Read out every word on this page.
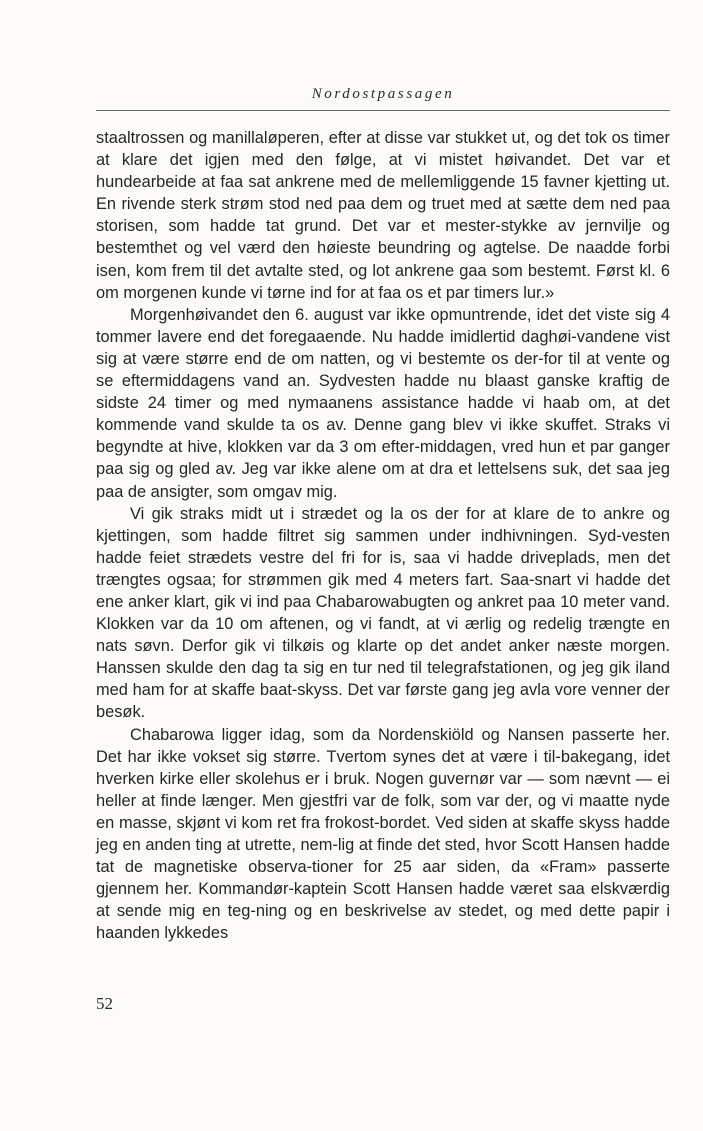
Nordostpassagen

staaltrossen og manillaløperen, efter at disse var stukket ut, og det tok os timer at klare det igjen med den følge, at vi mistet høivandet. Det var et hundearbeide at faa sat ankrene med de mellemliggende 15 favner kjetting ut. En rivende sterk strøm stod ned paa dem og truet med at sætte dem ned paa storisen, som hadde tat grund. Det var et mester-stykke av jernvilje og bestemthet og vel værd den høieste beundring og agtelse. De naadde forbi isen, kom frem til det avtalte sted, og lot ankrene gaa som bestemt. Først kl. 6 om morgenen kunde vi tørne ind for at faa os et par timers lur.»

Morgenhøivandet den 6. august var ikke opmuntrende, idet det viste sig 4 tommer lavere end det foregaaende. Nu hadde imidlertid daghøi-vandene vist sig at være større end de om natten, og vi bestemte os der-for til at vente og se eftermiddagens vand an. Sydvesten hadde nu blaast ganske kraftig de sidste 24 timer og med nymaanens assistance hadde vi haab om, at det kommende vand skulde ta os av. Denne gang blev vi ikke skuffet. Straks vi begyndte at hive, klokken var da 3 om efter-middagen, vred hun et par ganger paa sig og gled av. Jeg var ikke alene om at dra et lettelsens suk, det saa jeg paa de ansigter, som omgav mig.

Vi gik straks midt ut i strædet og la os der for at klare de to ankre og kjettingen, som hadde filtret sig sammen under indhivningen. Syd-vesten hadde feiet strædets vestre del fri for is, saa vi hadde driveplads, men det trængtes ogsaa; for strømmen gik med 4 meters fart. Saa-snart vi hadde det ene anker klart, gik vi ind paa Chabarowabugten og ankret paa 10 meter vand. Klokken var da 10 om aftenen, og vi fandt, at vi ærlig og redelig trængte en nats søvn. Derfor gik vi tilkøis og klarte op det andet anker næste morgen. Hanssen skulde den dag ta sig en tur ned til telegrafstationen, og jeg gik iland med ham for at skaffe baat-skyss. Det var første gang jeg avla vore venner der besøk.

Chabarowa ligger idag, som da Nordenskiöld og Nansen passerte her. Det har ikke vokset sig større. Tvertom synes det at være i til-bakegang, idet hverken kirke eller skolehus er i bruk. Nogen guvernør var — som nævnt — ei heller at finde længer. Men gjestfri var de folk, som var der, og vi maatte nyde en masse, skjønt vi kom ret fra frokost-bordet. Ved siden at skaffe skyss hadde jeg en anden ting at utrette, nem-lig at finde det sted, hvor Scott Hansen hadde tat de magnetiske observa-tioner for 25 aar siden, da «Fram» passerte gjennem her. Kommandør-kaptein Scott Hansen hadde været saa elskværdig at sende mig en teg-ning og en beskrivelse av stedet, og med dette papir i haanden lykkedes

52
